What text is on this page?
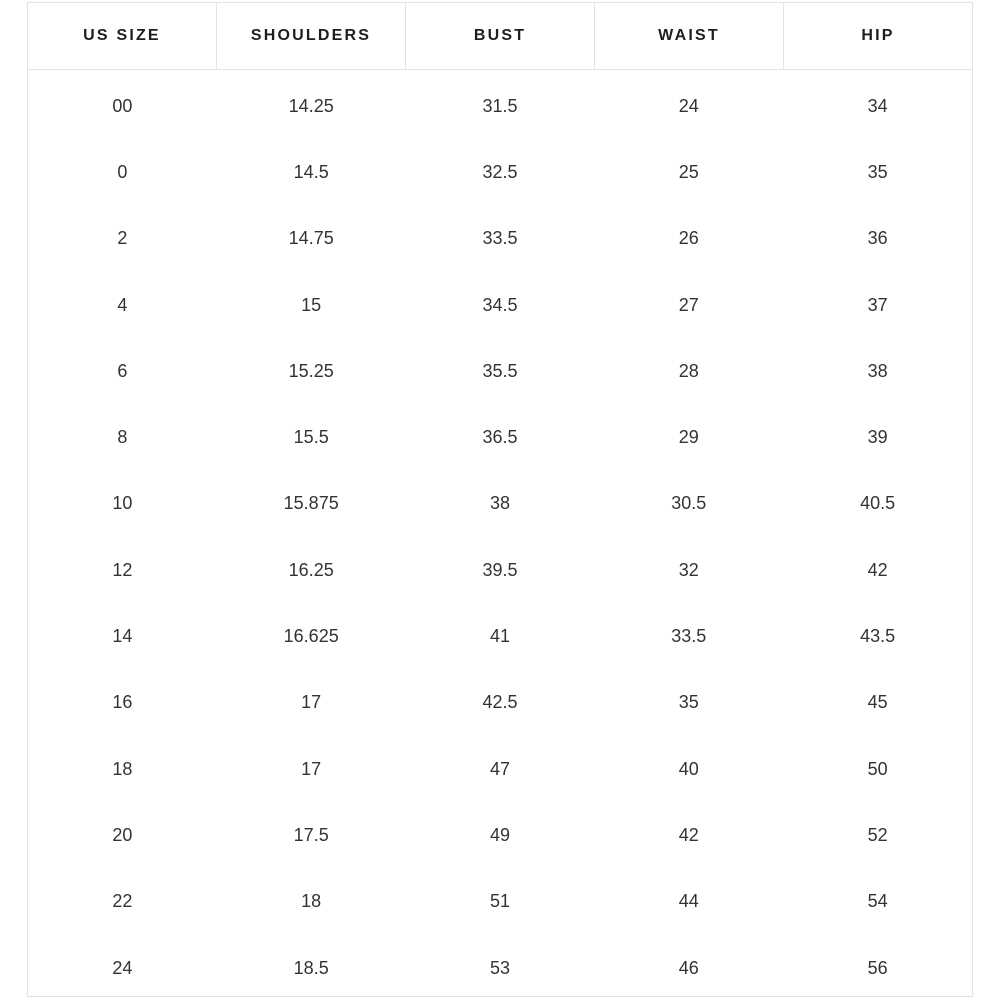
US SIZE	SHOULDERS	BUST	WAIST	HIP
00	14.25	31.5	24	34
0	14.5	32.5	25	35
2	14.75	33.5	26	36
4	15	34.5	27	37
6	15.25	35.5	28	38
8	15.5	36.5	29	39
10	15.875	38	30.5	40.5
12	16.25	39.5	32	42
14	16.625	41	33.5	43.5
16	17	42.5	35	45
18	17	47	40	50
20	17.5	49	42	52
22	18	51	44	54
24	18.5	53	46	56
